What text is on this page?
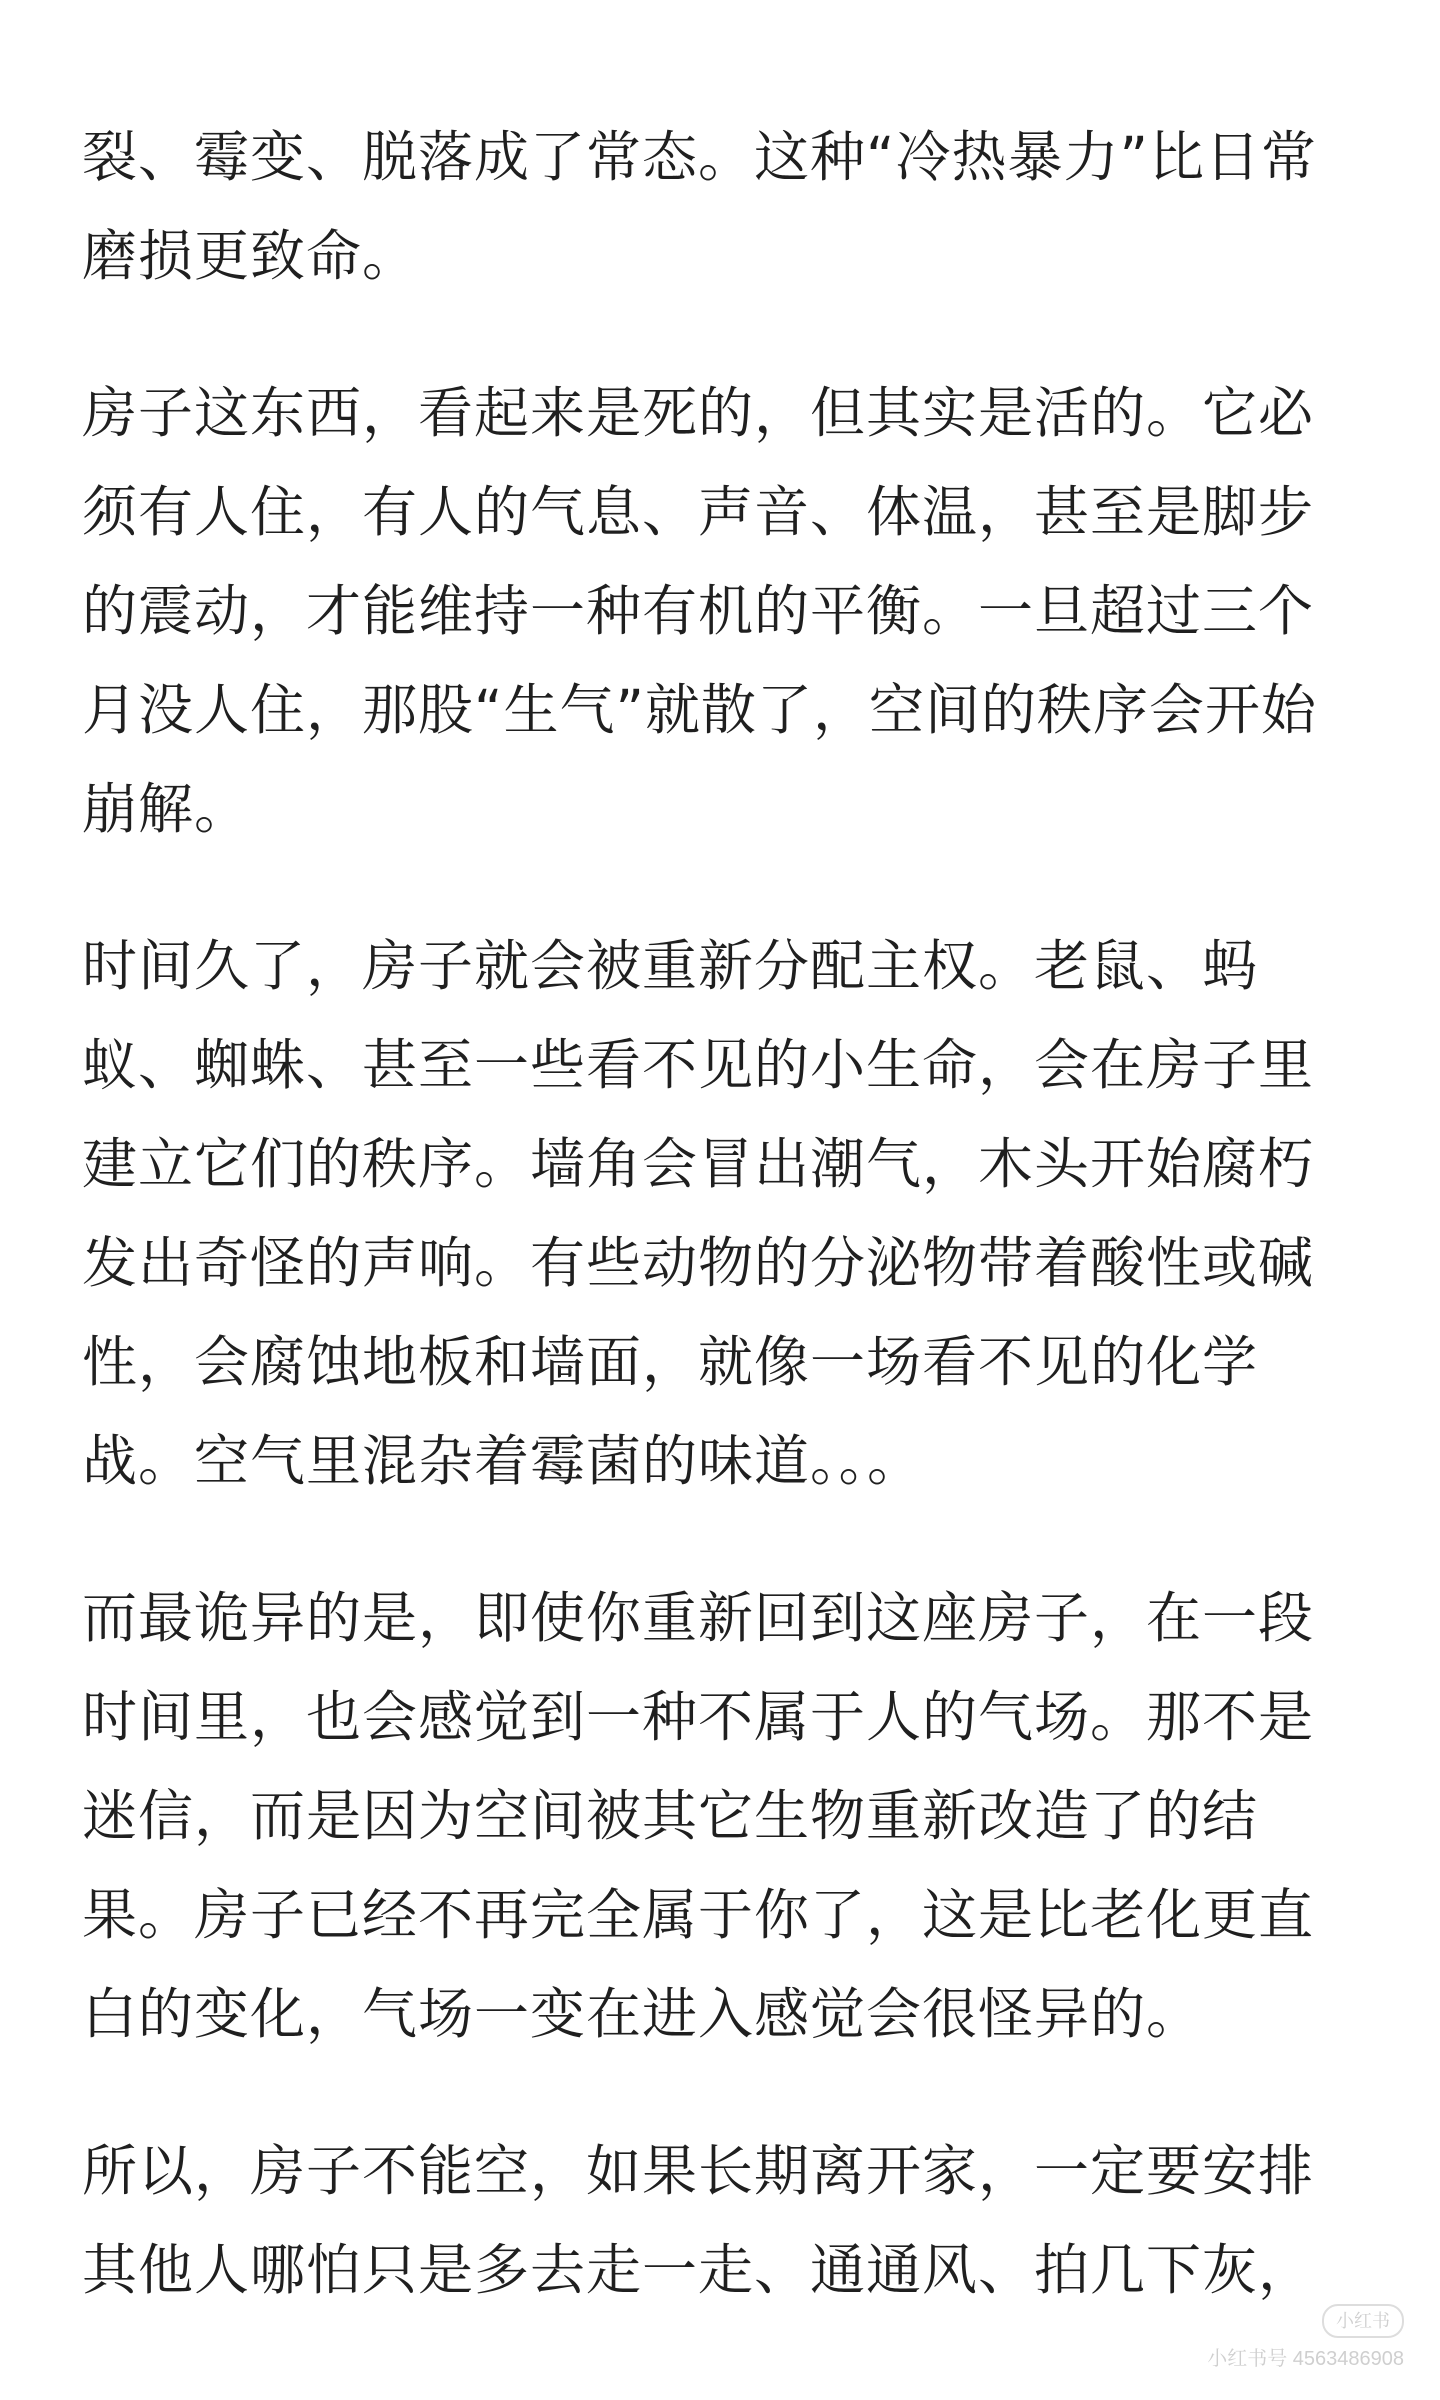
裂、霉变、脱落成了常态。这种“冷热暴力”比日常
磨损更致命。
房子这东西，看起来是死的，但其实是活的。它必
须有人住，有人的气息、声音、体温，甚至是脚步
的震动，才能维持一种有机的平衡。一旦超过三个
月没人住，那股“生气”就散了，空间的秩序会开始
崩解。
时间久了，房子就会被重新分配主权。老鼠、蚂
蚁、蜘蛛、甚至一些看不见的小生命，会在房子里
建立它们的秩序。墙角会冒出潮气，木头开始腐朽
发出奇怪的声响。有些动物的分泌物带着酸性或碱
性，会腐蚀地板和墙面，就像一场看不见的化学
战。空气里混杂着霉菌的味道。。。
而最诡异的是，即使你重新回到这座房子，在一段
时间里，也会感觉到一种不属于人的气场。那不是
迷信，而是因为空间被其它生物重新改造了的结
果。房子已经不再完全属于你了，这是比老化更直
白的变化，气场一变在进入感觉会很怪异的。
所以，房子不能空，如果长期离开家，一定要安排
其他人哪怕只是多去走一走、通通风、拍几下灰，
小红书
小红书号 4563486908
